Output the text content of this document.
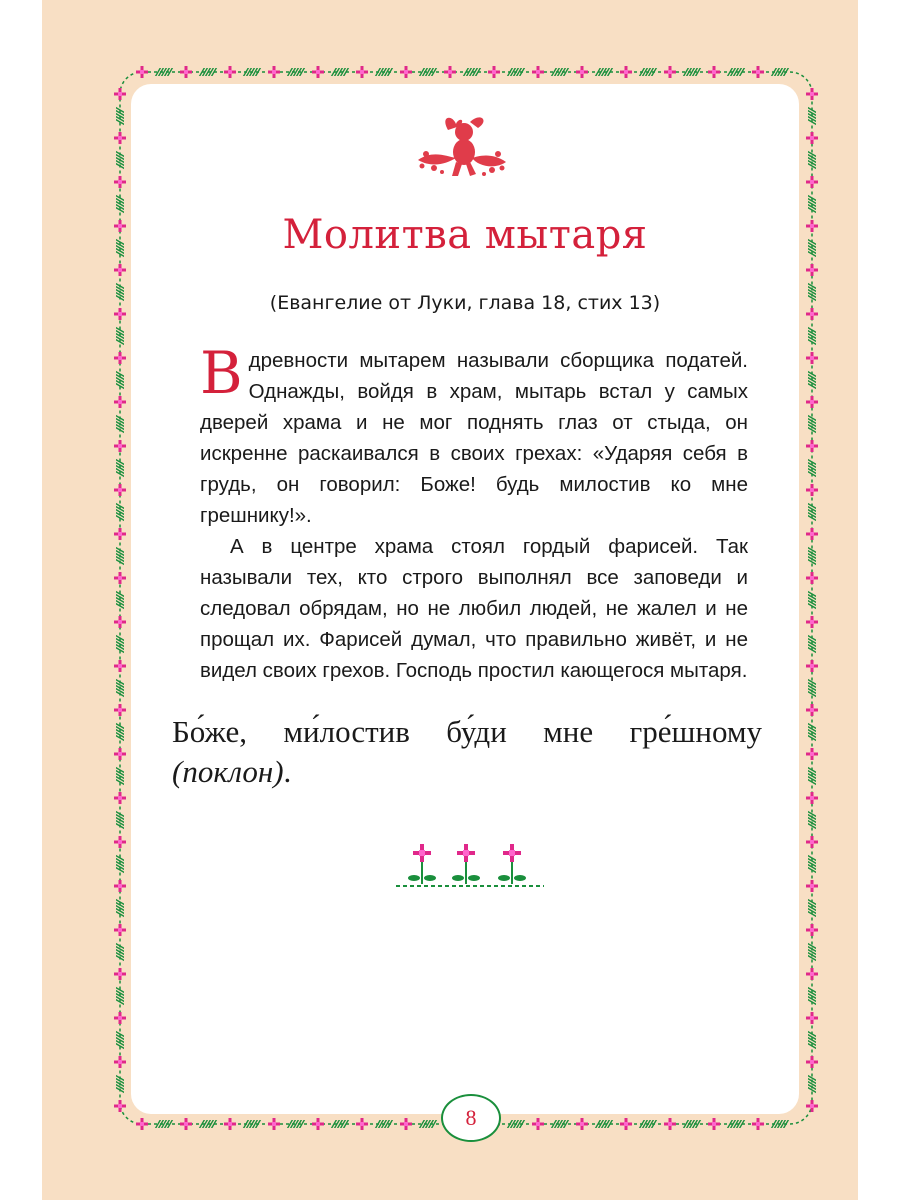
Молитва мытаря

(Евангелие от Луки, глава 18, стих 13)

Вдревности мытарем называли сборщика податей. Однажды, войдя в храм, мытарь встал у самых дверей храма и не мог поднять глаз от стыда, он искренне раскаивался в своих грехах: «Ударяя себя в грудь, он говорил: Боже! будь милостив ко мне грешнику!».

А в центре храма стоял гордый фарисей. Так называли тех, кто строго выполнял все заповеди и следовал обрядам, но не любил людей, не жалел и не прощал их. Фарисей думал, что правильно живёт, и не видел своих грехов. Господь простил кающегося мытаря.

Бо́же, ми́лостив бу́ди мне гре́шному (поклон).

8
